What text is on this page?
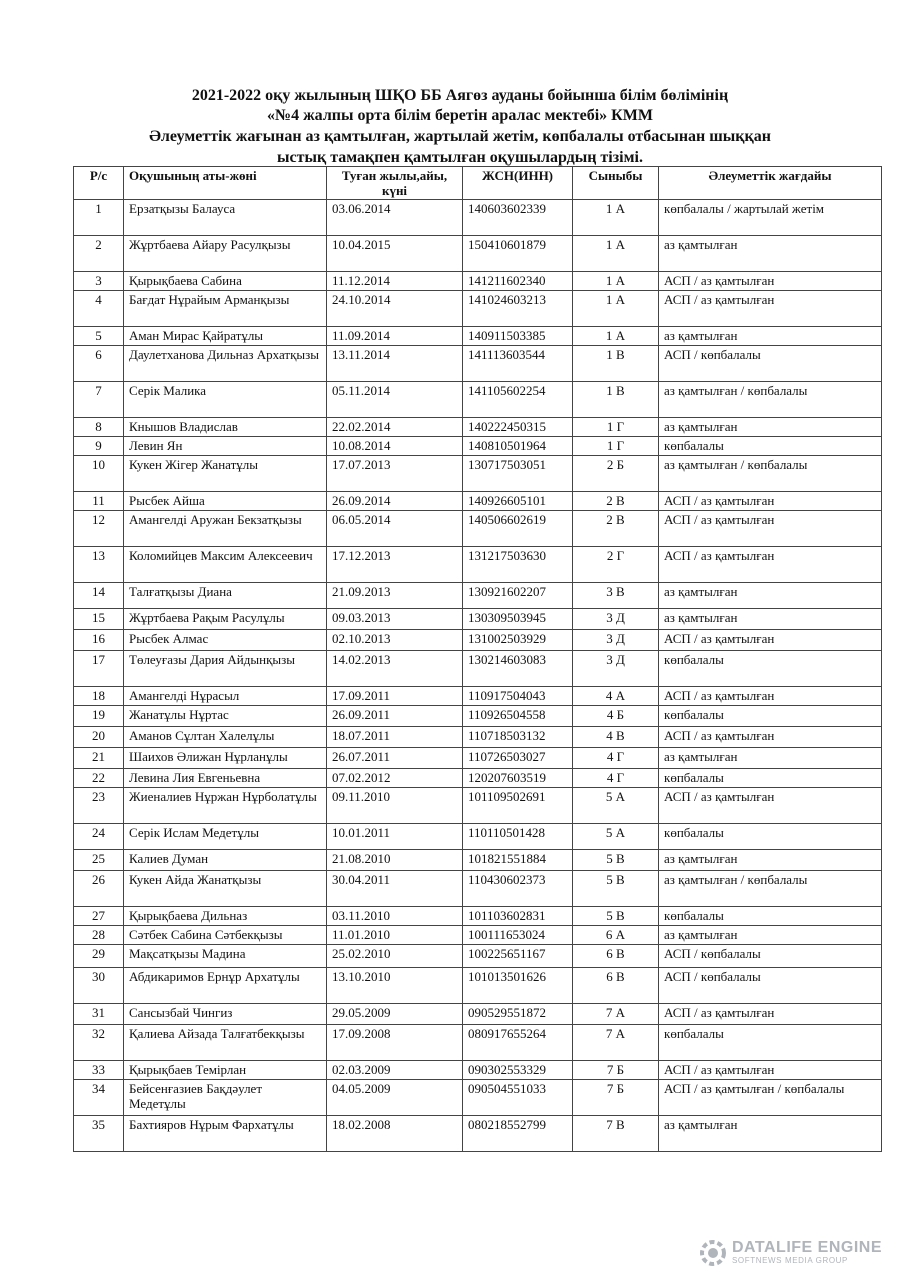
2021-2022 оқу жылының ШҚО ББ Аягөз ауданы бойынша білім бөлімінің
«№4 жалпы орта білім беретін аралас мектебі» КММ
Әлеуметтік жағынан аз қамтылған, жартылай жетім, көпбалалы отбасынан шыққан
ыстық тамақпен қамтылған оқушылардың тізімі.
Р/с	Оқушының аты-жөні	Туған жылы,айы, күні	ЖСН(ИНН)	Сыныбы	Әлеуметтік жағдайы
1	Ерзатқызы Балауса	03.06.2014	140603602339	1 А	көпбалалы / жартылай жетім
2	Жұртбаева Айару Расулқызы	10.04.2015	150410601879	1 А	аз қамтылған
3	Қырықбаева Сабина	11.12.2014	141211602340	1 А	АСП / аз қамтылған
4	Бағдат Нұрайым Арманқызы	24.10.2014	141024603213	1 А	АСП / аз қамтылған
5	Аман Мирас Қайратұлы	11.09.2014	140911503385	1 А	аз қамтылған
6	Даулетханова Дильназ Архатқызы	13.11.2014	141113603544	1 В	АСП / көпбалалы
7	Серік Малика	05.11.2014	141105602254	1 В	аз қамтылған / көпбалалы
8	Кнышов Владислав	22.02.2014	140222450315	1 Г	аз қамтылған
9	Левин Ян	10.08.2014	140810501964	1 Г	көпбалалы
10	Кукен Жігер Жанатұлы	17.07.2013	130717503051	2 Б	аз қамтылған / көпбалалы
11	Рысбек Айша	26.09.2014	140926605101	2 В	АСП / аз қамтылған
12	Амангелді Аружан Бекзатқызы	06.05.2014	140506602619	2 В	АСП / аз қамтылған
13	Коломийцев Максим Алексеевич	17.12.2013	131217503630	2 Г	АСП / аз қамтылған
14	Талғатқызы Диана	21.09.2013	130921602207	3 В	аз қамтылған
15	Жұртбаева Рақым Расулұлы	09.03.2013	130309503945	3 Д	аз қамтылған
16	Рысбек Алмас	02.10.2013	131002503929	3 Д	АСП / аз қамтылған
17	Төлеуғазы Дария Айдынқызы	14.02.2013	130214603083	3 Д	көпбалалы
18	Амангелді Нұрасыл	17.09.2011	110917504043	4 А	АСП / аз қамтылған
19	Жанатұлы Нұртас	26.09.2011	110926504558	4 Б	көпбалалы
20	Аманов Сұлтан Халелұлы	18.07.2011	110718503132	4 В	АСП / аз қамтылған
21	Шаихов Әлижан Нұрланұлы	26.07.2011	110726503027	4 Г	аз қамтылған
22	Левина Лия Евгеньевна	07.02.2012	120207603519	4 Г	көпбалалы
23	Жиеналиев Нұржан Нұрболатұлы	09.11.2010	101109502691	5 А	АСП / аз қамтылған
24	Серік Ислам Медетұлы	10.01.2011	110110501428	5 А	көпбалалы
25	Калиев Думан	21.08.2010	101821551884	5 В	аз қамтылған
26	Кукен Айда Жанатқызы	30.04.2011	110430602373	5 В	аз қамтылған / көпбалалы
27	Қырықбаева Дильназ	03.11.2010	101103602831	5 В	көпбалалы
28	Сәтбек Сабина Сәтбекқызы	11.01.2010	100111653024	6 А	аз қамтылған
29	Мақсатқызы Мадина	25.02.2010	100225651167	6 В	АСП / көпбалалы
30	Абдикаримов Ернұр Архатұлы	13.10.2010	101013501626	6 В	АСП / көпбалалы
31	Сансызбай Чингиз	29.05.2009	090529551872	7 А	АСП / аз қамтылған
32	Қалиева Айзада Талғатбекқызы	17.09.2008	080917655264	7 А	көпбалалы
33	Қырықбаев Темірлан	02.03.2009	090302553329	7 Б	АСП / аз қамтылған
34	Бейсенғазиев Бақдәулет Медетұлы	04.05.2009	090504551033	7 Б	АСП / аз қамтылған / көпбалалы
35	Бахтияров Нұрым Фархатұлы	18.02.2008	080218552799	7 В	аз қамтылған
DATALIFE ENGINE
SOFTNEWS MEDIA GROUP
